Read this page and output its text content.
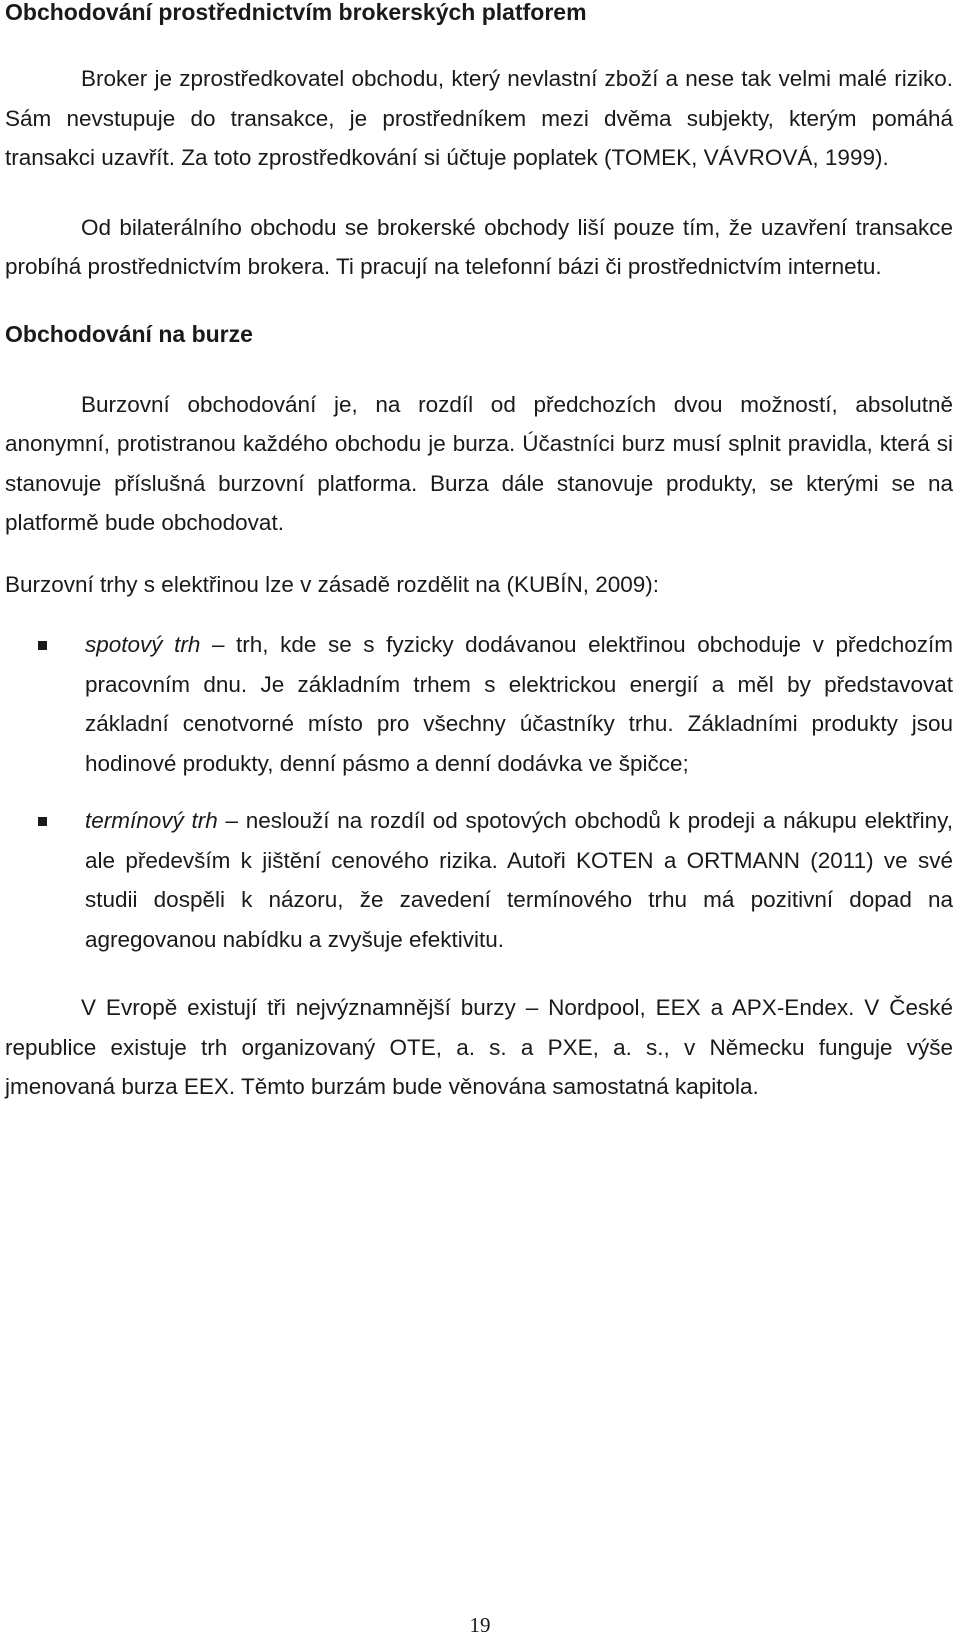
Obchodování prostřednictvím brokerských platforem

Broker je zprostředkovatel obchodu, který nevlastní zboží a nese tak velmi malé riziko. Sám nevstupuje do transakce, je prostředníkem mezi dvěma subjekty, kterým pomáhá transakci uzavřít. Za toto zprostředkování si účtuje poplatek (TOMEK, VÁVROVÁ, 1999).

Od bilaterálního obchodu se brokerské obchody liší pouze tím, že uzavření transakce probíhá prostřednictvím brokera. Ti pracují na telefonní bázi či prostřednictvím internetu.

Obchodování na burze

Burzovní obchodování je, na rozdíl od předchozích dvou možností, absolutně anonymní, protistranou každého obchodu je burza. Účastníci burz musí splnit pravidla, která si stanovuje příslušná burzovní platforma. Burza dále stanovuje produkty, se kterými se na platformě bude obchodovat.

Burzovní trhy s elektřinou lze v zásadě rozdělit na (KUBÍN, 2009):

spotový trh – trh, kde se s fyzicky dodávanou elektřinou obchoduje v předchozím pracovním dnu. Je základním trhem s elektrickou energií a měl by představovat základní cenotvorné místo pro všechny účastníky trhu. Základními produkty jsou hodinové produkty, denní pásmo a denní dodávka ve špičce;
termínový trh – neslouží na rozdíl od spotových obchodů k prodeji a nákupu elektřiny, ale především k jištění cenového rizika. Autoři KOTEN a ORTMANN (2011) ve své studii dospěli k názoru, že zavedení termínového trhu má pozitivní dopad na agregovanou nabídku a zvyšuje efektivitu.

V Evropě existují tři nejvýznamnější burzy – Nordpool, EEX a APX-Endex. V České republice existuje trh organizovaný OTE, a. s. a PXE, a. s., v Německu funguje výše jmenovaná burza EEX. Těmto burzám bude věnována samostatná kapitola.

19
